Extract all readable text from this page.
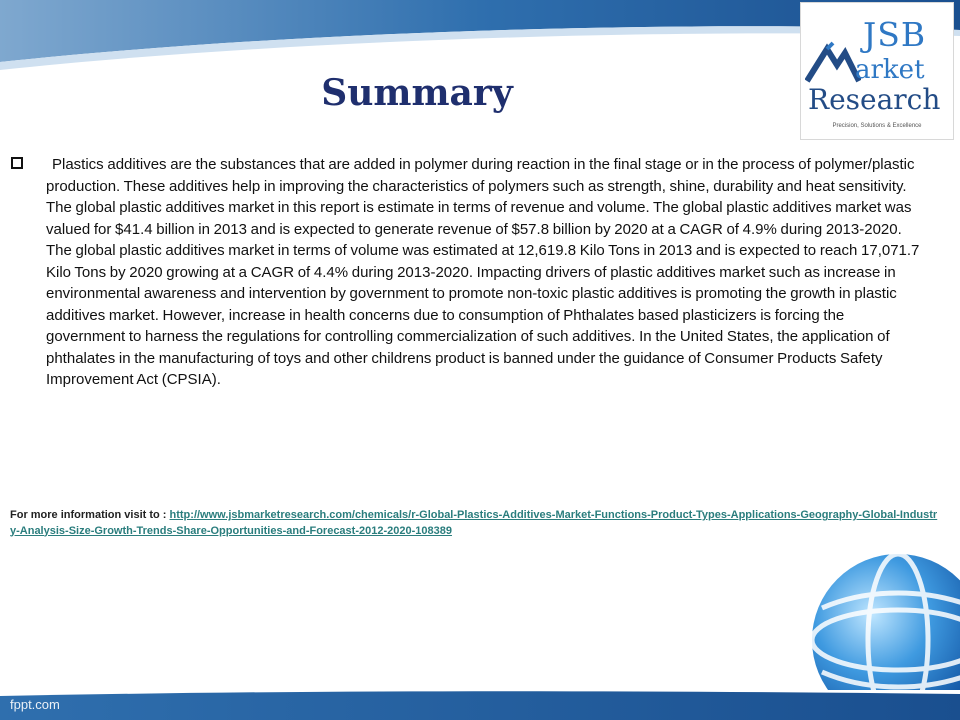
JSB
arket
Research
Precision, Solutions & Excellence
Summary

Plastics additives are the substances that are added in polymer during reaction in the final stage or in the process of polymer/plastic production. These additives help in improving the characteristics of polymers such as strength, shine, durability and heat sensitivity. The global plastic additives market in this report is estimate in terms of revenue and volume. The global plastic additives market was valued for $41.4 billion in 2013 and is expected to generate revenue of $57.8 billion by 2020 at a CAGR of 4.9% during 2013-2020. The global plastic additives market in terms of volume was estimated at 12,619.8 Kilo Tons in 2013 and is expected to reach 17,071.7 Kilo Tons by 2020 growing at a CAGR of 4.4% during 2013-2020. Impacting drivers of plastic additives market such as increase in environmental awareness and intervention by government to promote non-toxic plastic additives is promoting the growth in plastic additives market. However, increase in health concerns due to consumption of Phthalates based plasticizers is forcing the government to harness the regulations for controlling commercialization of such additives. In the United States, the application of phthalates in the manufacturing of toys and other childrens product is banned under the guidance of Consumer Products Safety Improvement Act (CPSIA).

For more information visit to : http://www.jsbmarketresearch.com/chemicals/r-Global-Plastics-Additives-Market-Functions-Product-Types-Applications-Geography-Global-Industry-Analysis-Size-Growth-Trends-Share-Opportunities-and-Forecast-2012-2020-108389

fppt.com
